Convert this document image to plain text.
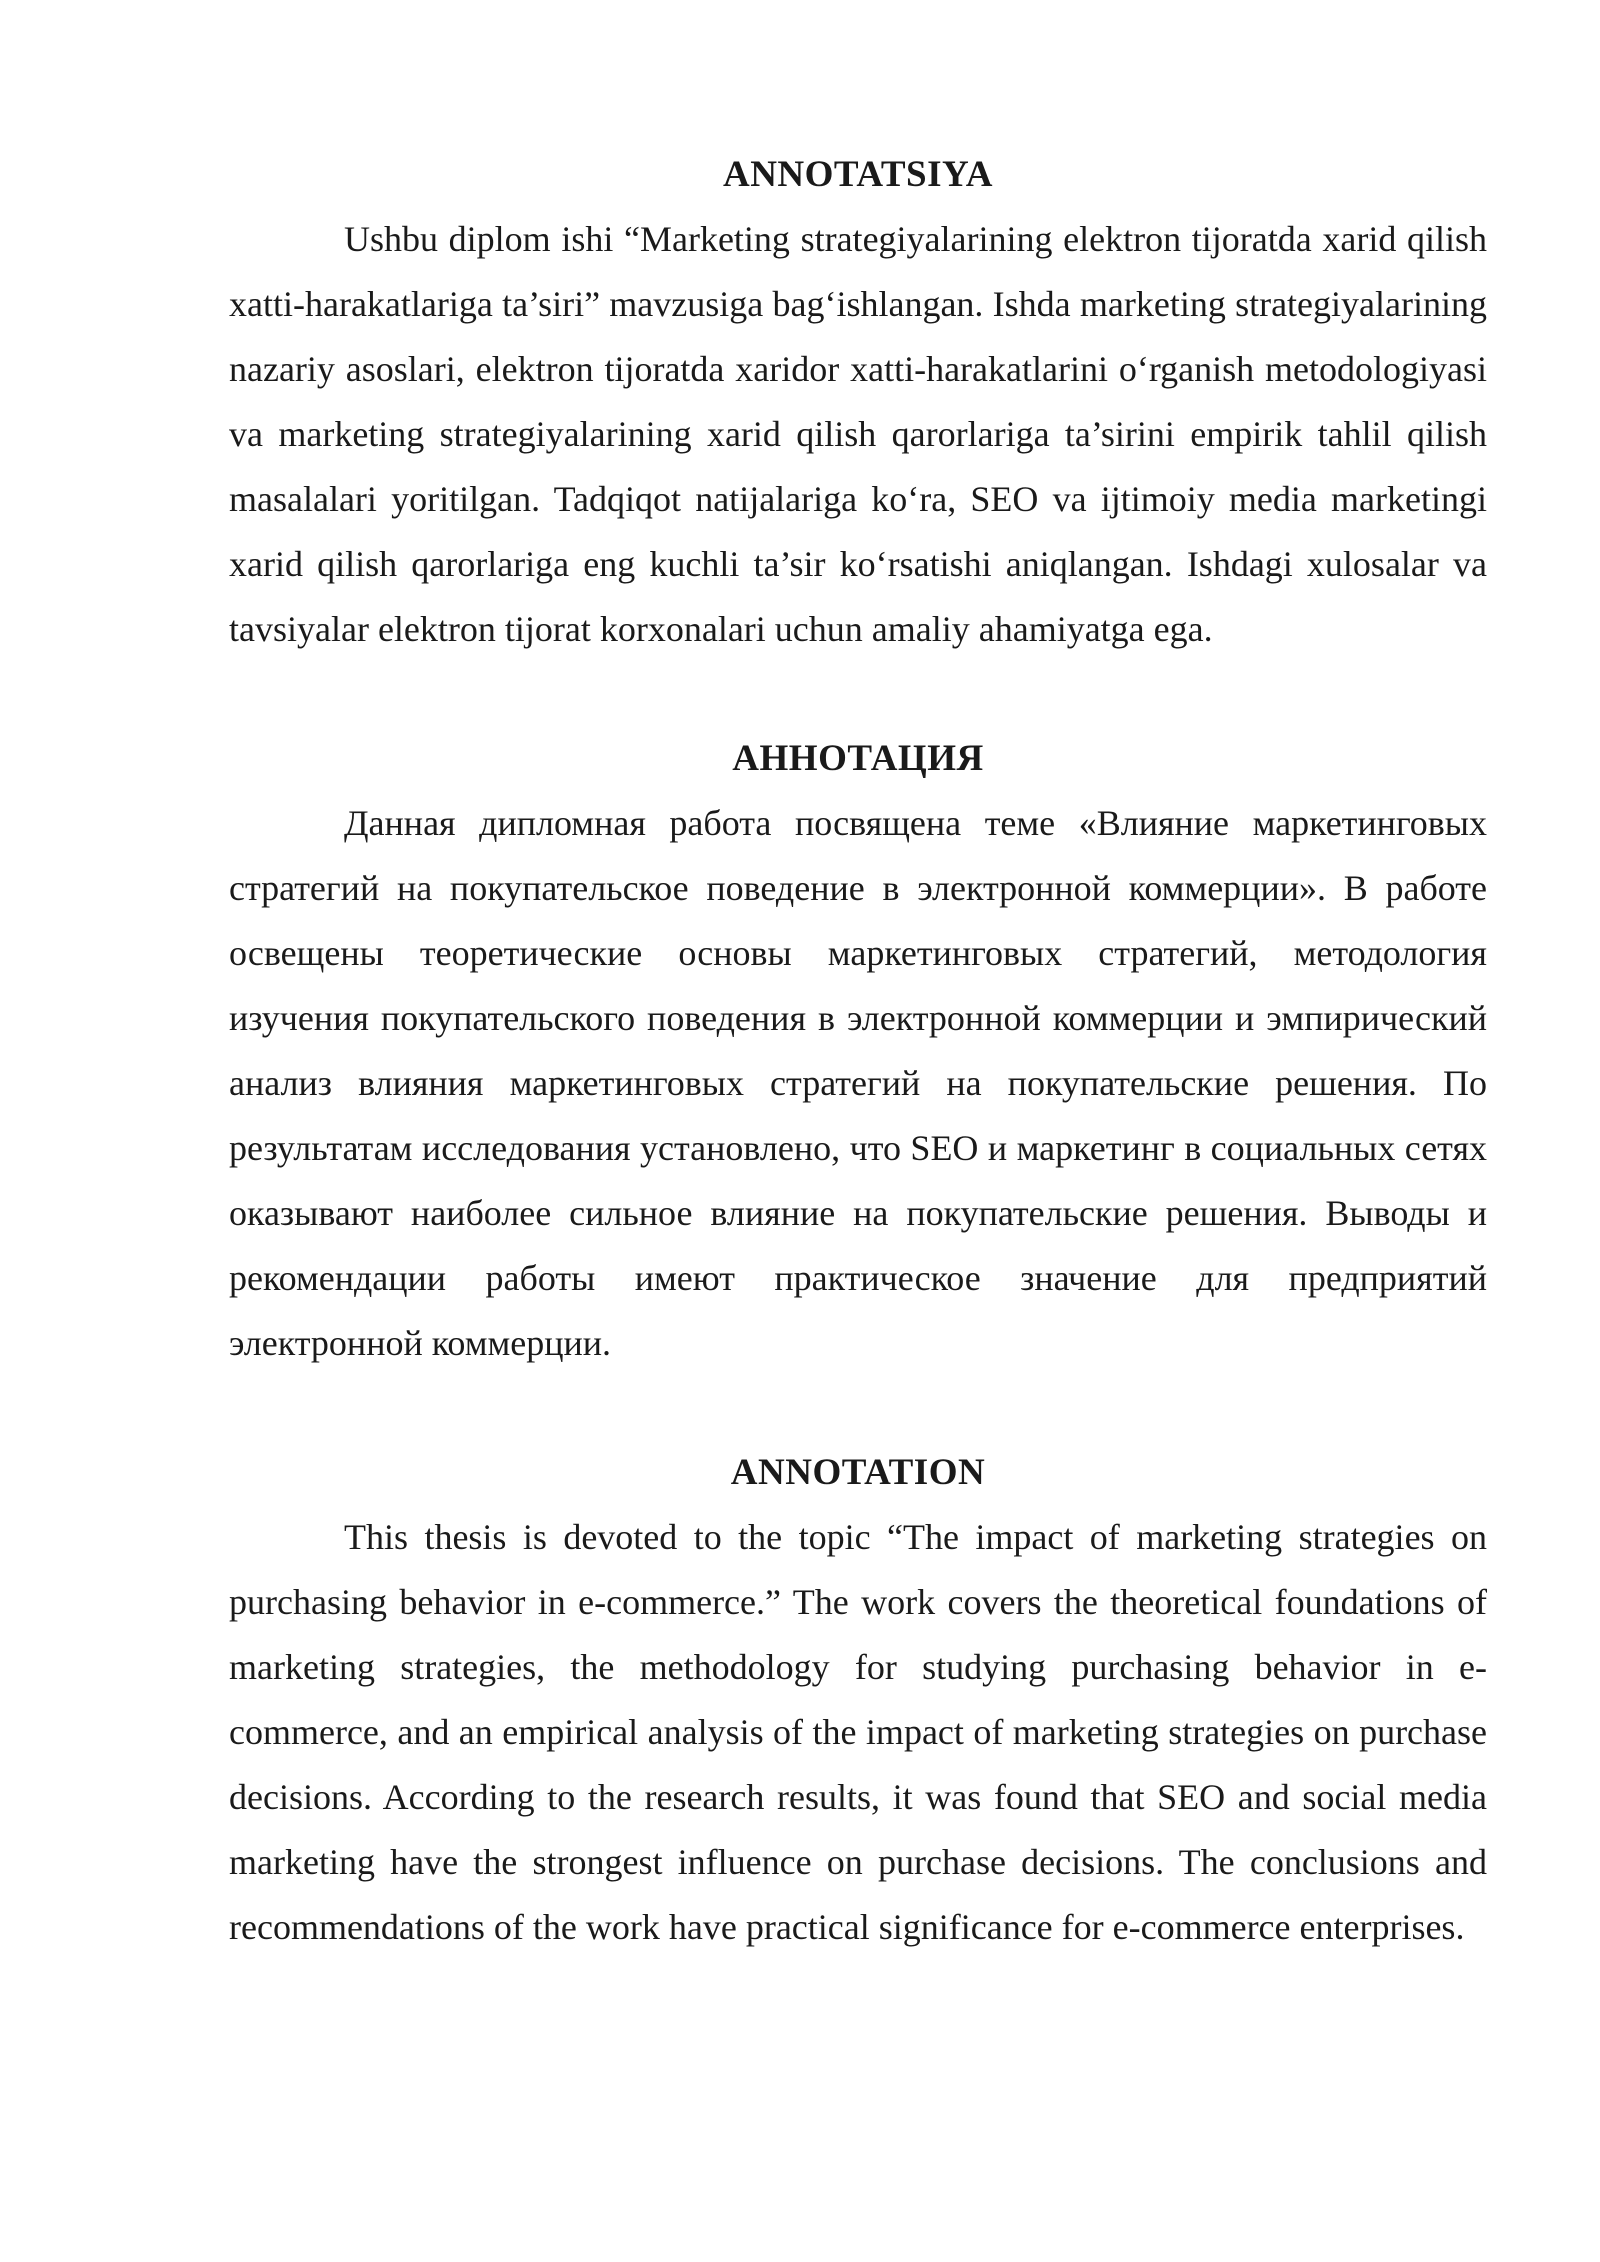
ANNOTATSIYA

Ushbu diplom ishi “Marketing strategiyalarining elektron tijoratda xarid qilish xatti-harakatlariga ta’siri” mavzusiga bag‘ishlangan. Ishda marketing strategiyalarining nazariy asoslari, elektron tijoratda xaridor xatti-harakatlarini o‘rganish metodologiyasi va marketing strategiyalarining xarid qilish qarorlariga ta’sirini empirik tahlil qilish masalalari yoritilgan. Tadqiqot natijalariga ko‘ra, SEO va ijtimoiy media marketingi xarid qilish qarorlariga eng kuchli ta’sir ko‘rsatishi aniqlangan. Ishdagi xulosalar va tavsiyalar elektron tijorat korxonalari uchun amaliy ahamiyatga ega.

АННОТАЦИЯ

Данная дипломная работа посвящена теме «Влияние маркетинговых стратегий на покупательское поведение в электронной коммерции». В работе освещены теоретические основы маркетинговых стратегий, методология изучения покупательского поведения в электронной коммерции и эмпирический анализ влияния маркетинговых стратегий на покупательские решения. По результатам исследования установлено, что SEO и маркетинг в социальных сетях оказывают наиболее сильное влияние на покупательские решения. Выводы и рекомендации работы имеют практическое значение для предприятий электронной коммерции.

ANNOTATION

This thesis is devoted to the topic “The impact of marketing strategies on purchasing behavior in e-commerce.” The work covers the theoretical foundations of marketing strategies, the methodology for studying purchasing behavior in e-commerce, and an empirical analysis of the impact of marketing strategies on purchase decisions. According to the research results, it was found that SEO and social media marketing have the strongest influence on purchase decisions. The conclusions and recommendations of the work have practical significance for e-commerce enterprises.
